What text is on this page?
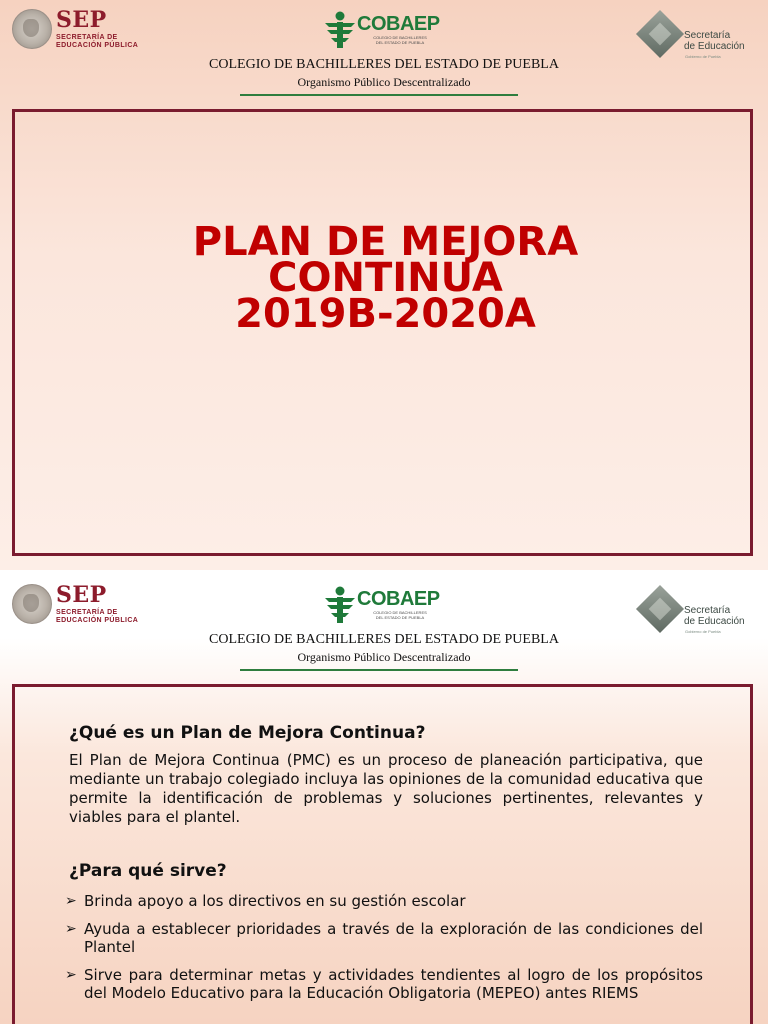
SEP
SECRETARÍA DE
EDUCACIÓN PÚBLICA
COBAEP
COLEGIO DE BACHILLERES
DEL ESTADO DE PUEBLA
Secretaría
de Educación
Gobierno de Puebla
COLEGIO DE BACHILLERES DEL ESTADO DE PUEBLA
Organismo Público Descentralizado
PLAN DE MEJORA
CONTINUA
2019B-2020A
SEP
SECRETARÍA DE
EDUCACIÓN PÚBLICA
COBAEP
COLEGIO DE BACHILLERES
DEL ESTADO DE PUEBLA
Secretaría
de Educación
Gobierno de Puebla
COLEGIO DE BACHILLERES DEL ESTADO DE PUEBLA
Organismo Público Descentralizado
¿Qué es un Plan de Mejora Continua?
El Plan de Mejora Continua (PMC) es un proceso de planeación participativa, que mediante un trabajo colegiado incluya las opiniones de la comunidad educativa que permite la identificación de problemas y soluciones pertinentes, relevantes y viables para el plantel.
¿Para qué sirve?
➢ Brinda apoyo a los directivos en su gestión escolar
➢ Ayuda a establecer prioridades a través de la exploración de las condiciones del Plantel
➢ Sirve para determinar metas y actividades tendientes al logro de los propósitos del Modelo Educativo para la Educación Obligatoria (MEPEO) antes RIEMS
